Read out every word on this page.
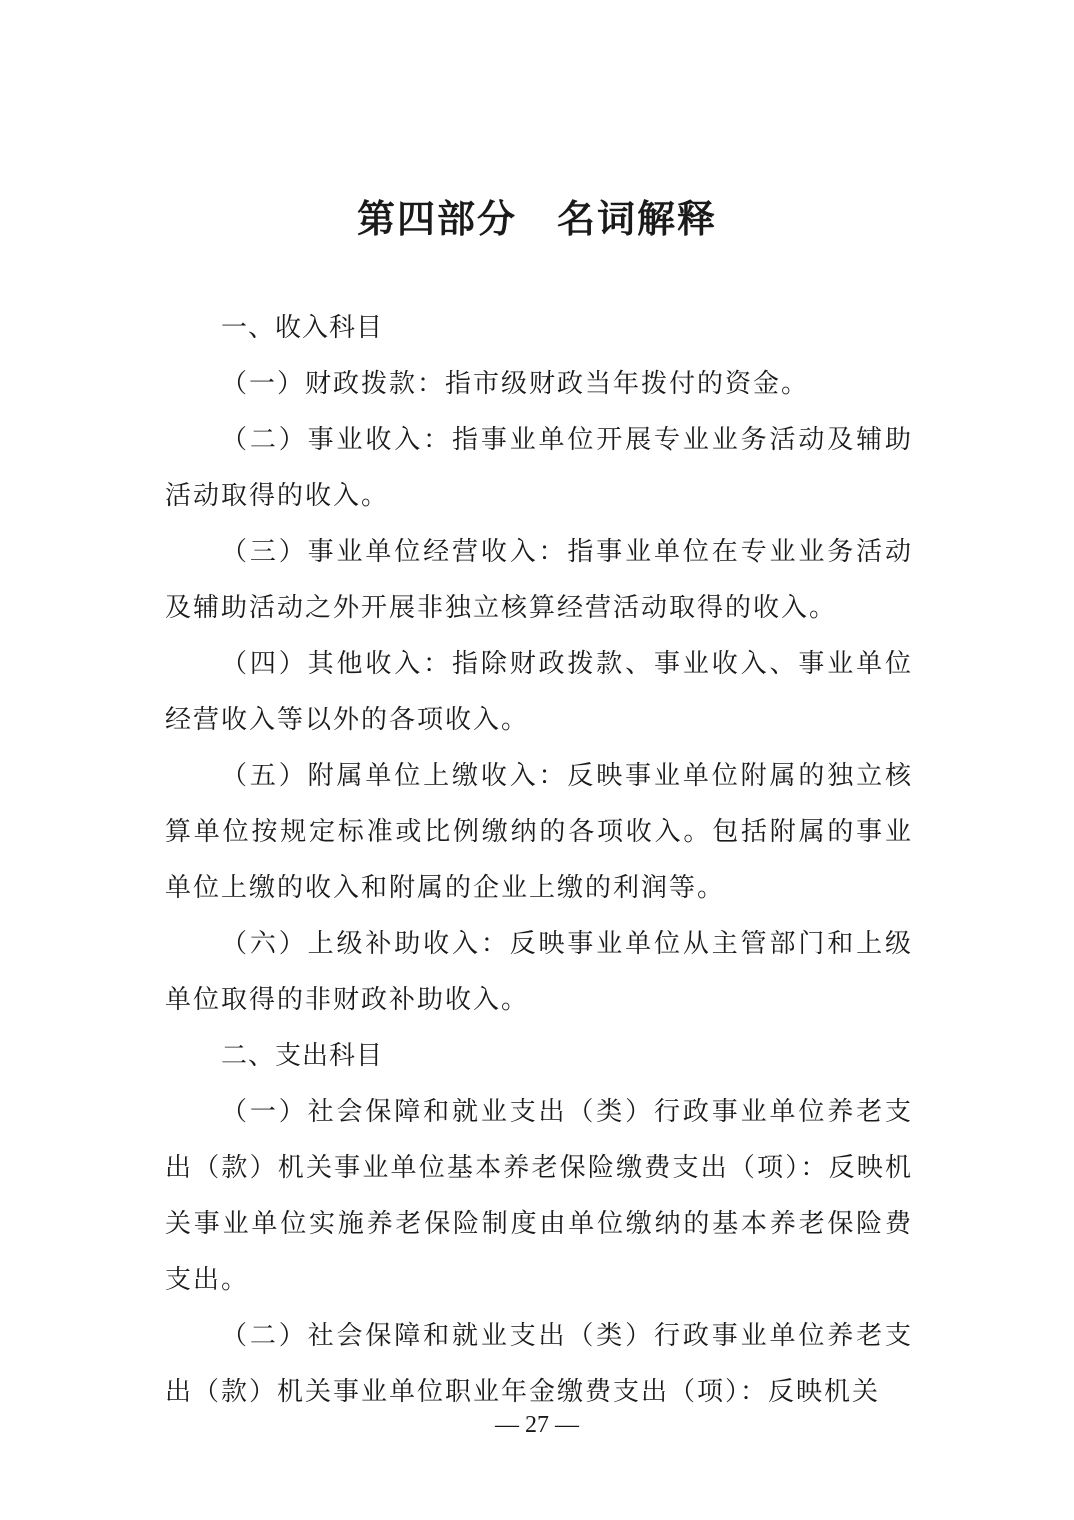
第四部分　名词解释

一、收入科目

（一）财政拨款：指市级财政当年拨付的资金。

（二）事业收入：指事业单位开展专业业务活动及辅助活动取得的收入。

（三）事业单位经营收入：指事业单位在专业业务活动及辅助活动之外开展非独立核算经营活动取得的收入。

（四）其他收入：指除财政拨款、事业收入、事业单位经营收入等以外的各项收入。

（五）附属单位上缴收入：反映事业单位附属的独立核算单位按规定标准或比例缴纳的各项收入。包括附属的事业单位上缴的收入和附属的企业上缴的利润等。

（六）上级补助收入：反映事业单位从主管部门和上级单位取得的非财政补助收入。

二、支出科目

（一）社会保障和就业支出（类）行政事业单位养老支出（款）机关事业单位基本养老保险缴费支出（项）：反映机关事业单位实施养老保险制度由单位缴纳的基本养老保险费支出。

（二）社会保障和就业支出（类）行政事业单位养老支出（款）机关事业单位职业年金缴费支出（项）：反映机关

— 27 —
